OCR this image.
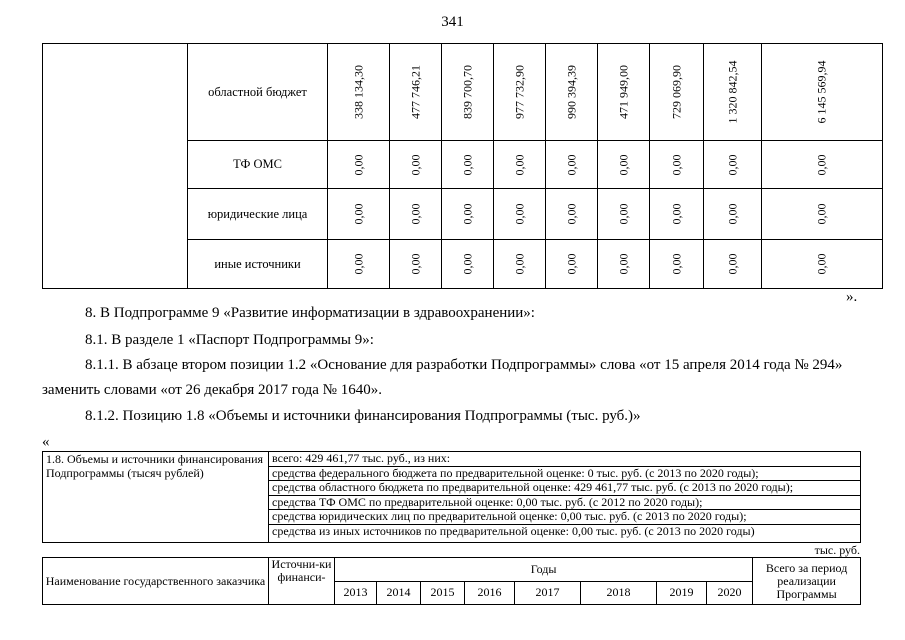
341
	областной бюджет	338 134,30	477 746,21	839 700,70	977 732,90	990 394,39	471 949,00	729 069,90	1 320 842,54	6 145 569,94

	ТФ ОМС	0,00	0,00	0,00	0,00	0,00	0,00	0,00	0,00	0,00

	юридические лица	0,00	0,00	0,00	0,00	0,00	0,00	0,00	0,00	0,00

	иные источники	0,00	0,00	0,00	0,00	0,00	0,00	0,00	0,00	0,00
».
8. В Подпрограмме 9 «Развитие информатизации в здравоохранении»:
8.1. В разделе 1 «Паспорт Подпрограммы 9»:
8.1.1. В абзаце втором позиции 1.2 «Основание для разработки Подпрограммы» слова «от 15 апреля 2014 года № 294»
заменить словами «от 26 декабря 2017 года № 1640».
8.1.2. Позицию 1.8 «Объемы и источники финансирования Подпрограммы (тыс. руб.)»
«
1.8. Объемы и источники финансирования Подпрограммы (тысяч рублей)	
всего: 429 461,77 тыс. руб., из них:
средства федерального бюджета по предварительной оценке: 0 тыс. руб. (с 2013 по 2020 годы);
средства областного бюджета по предварительной оценке: 429 461,77 тыс. руб. (с 2013 по 2020 годы);
средства ТФ ОМС по предварительной оценке: 0,00 тыс. руб. (с 2012 по 2020 годы);
средства юридических лиц по предварительной оценке: 0,00 тыс. руб. (с 2013 по 2020 годы);
средства из иных источников по предварительной оценке: 0,00 тыс. руб. (с 2013 по 2020 годы)
тыс. руб.
Наименование государственного заказчика	Источни-ки финанси-	Годы								Всего за период реализации Программы
		2013	2014	2015	2016	2017	2018	2019	2020	
